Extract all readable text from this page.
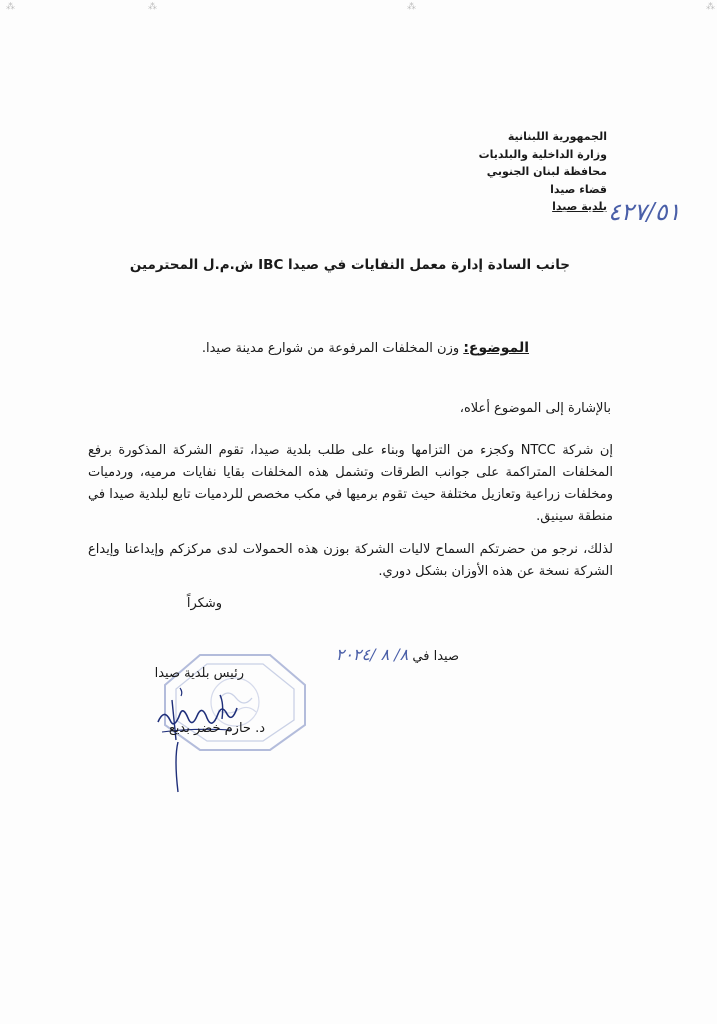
⁂	⁂	⁂	⁂
الجمهورية اللبنانية
وزارة الداخلية والبلديات
محافظة لبنان الجنوبي
قضاء صيدا
بلدية صيدا ٤٢٧/٥١
جانب السادة إدارة معمل النفايات في صيدا IBC ش.م.ل المحترمين
الموضوع: وزن المخلفات المرفوعة من شوارع مدينة صيدا.
بالإشارة إلى الموضوع أعلاه،
إن شركة NTCC وكجزء من التزامها وبناء على طلب بلدية صيدا، تقوم الشركة المذكورة برفع المخلفات المتراكمة على جوانب الطرقات وتشمل هذه المخلفات بقايا نفايات مرميه، وردميات ومخلفات زراعية وتعازيل مختلفة حيث تقوم برميها في مكب مخصص للردميات تابع لبلدية صيدا في منطقة سينيق.
لذلك، نرجو من حضرتكم السماح لاليات الشركة بوزن هذه الحمولات لدى مركزكم وإيداعنا وإيداع الشركة نسخة عن هذه الأوزان بشكل دوري.
وشكراً
صيدا في ٨/ ٨ /٢٠٢٤
رئيس بلدية صيدا
د. حازم خضر بديع
